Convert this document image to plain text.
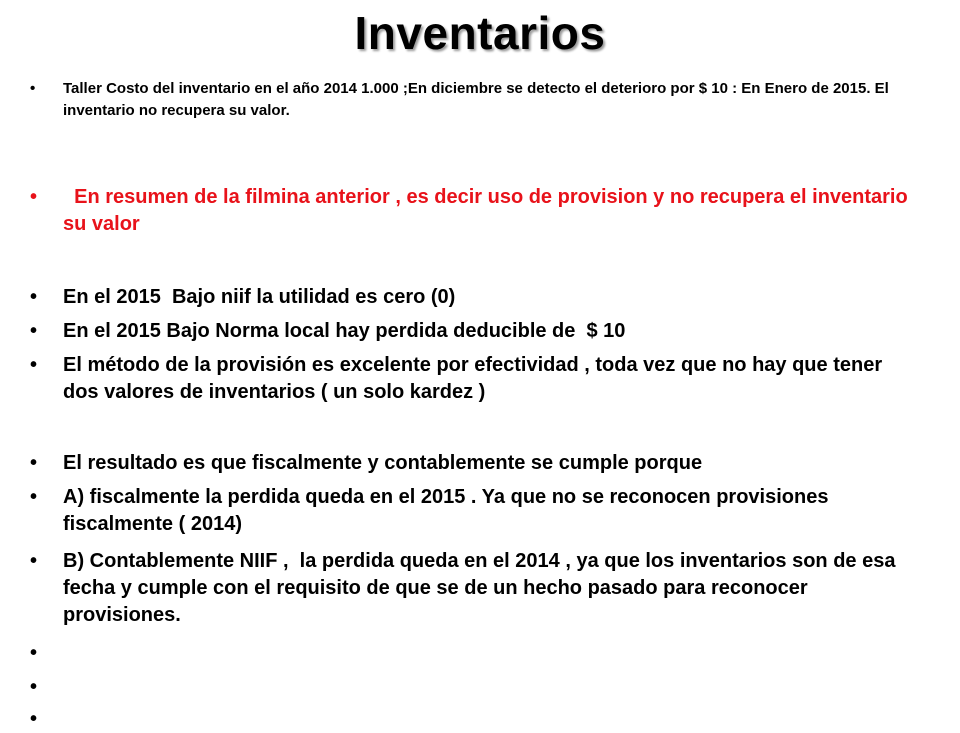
Inventarios
• Taller Costo del inventario en el año 2014 1.000 ;En diciembre se detecto el deterioro por $ 10 : En Enero de 2015. El inventario no recupera su valor.
• En resumen de la filmina anterior , es decir uso de provision y no recupera el inventario su valor
• En el 2015  Bajo niif la utilidad es cero (0)
• En el 2015 Bajo Norma local hay perdida deducible de  $ 10
• El método de la provisión es excelente por efectividad , toda vez que no hay que tener dos valores de inventarios ( un solo kardez )
• El resultado es que fiscalmente y contablemente se cumple porque
• A) fiscalmente la perdida queda en el 2015 . Ya que no se reconocen provisiones fiscalmente ( 2014)
• B) Contablemente NIIF ,  la perdida queda en el 2014 , ya que los inventarios son de esa fecha y cumple con el requisito de que se de un hecho pasado para reconocer provisiones.
•
•
•
